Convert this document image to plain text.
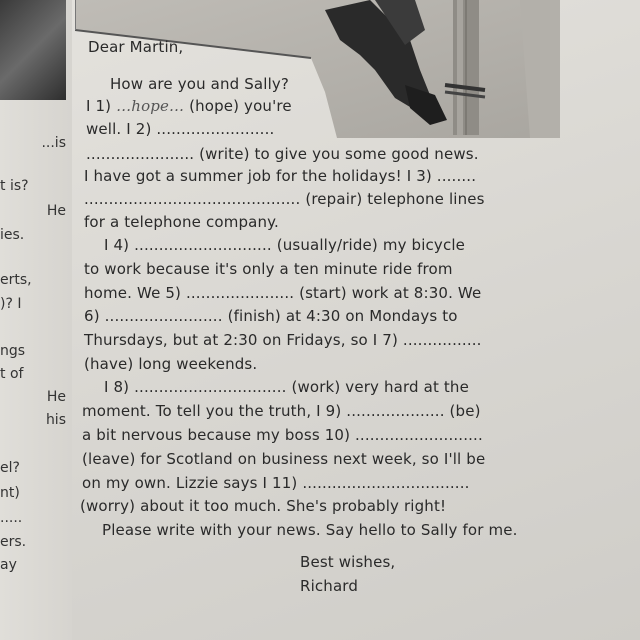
...is
t is?
He
ies.
erts,
)? I
ngs
t of
He
his
el?
nt)
.....
ers.
ay
Dear Martin,
How are you and Sally?
I 1) …hope… (hope) you're
well. I 2) ........................
...................... (write) to give you some good news.
I have got a summer job for the holidays! I 3) ........
............................................ (repair) telephone lines
for a telephone company.
I 4) ............................ (usually/ride) my bicycle
to work because it's only a ten minute ride from
home. We 5) ...................... (start) work at 8:30. We
6) ........................ (finish) at 4:30 on Mondays to
Thursdays, but at 2:30 on Fridays, so I 7) ................
(have) long weekends.
I 8) ............................... (work) very hard at the
moment. To tell you the truth, I 9) .................... (be)
a bit nervous because my boss 10) ..........................
(leave) for Scotland on business next week, so I'll be
on my own. Lizzie says I 11) ..................................
(worry) about it too much. She's probably right!
Please write with your news. Say hello to Sally for me.
Best wishes,
Richard
